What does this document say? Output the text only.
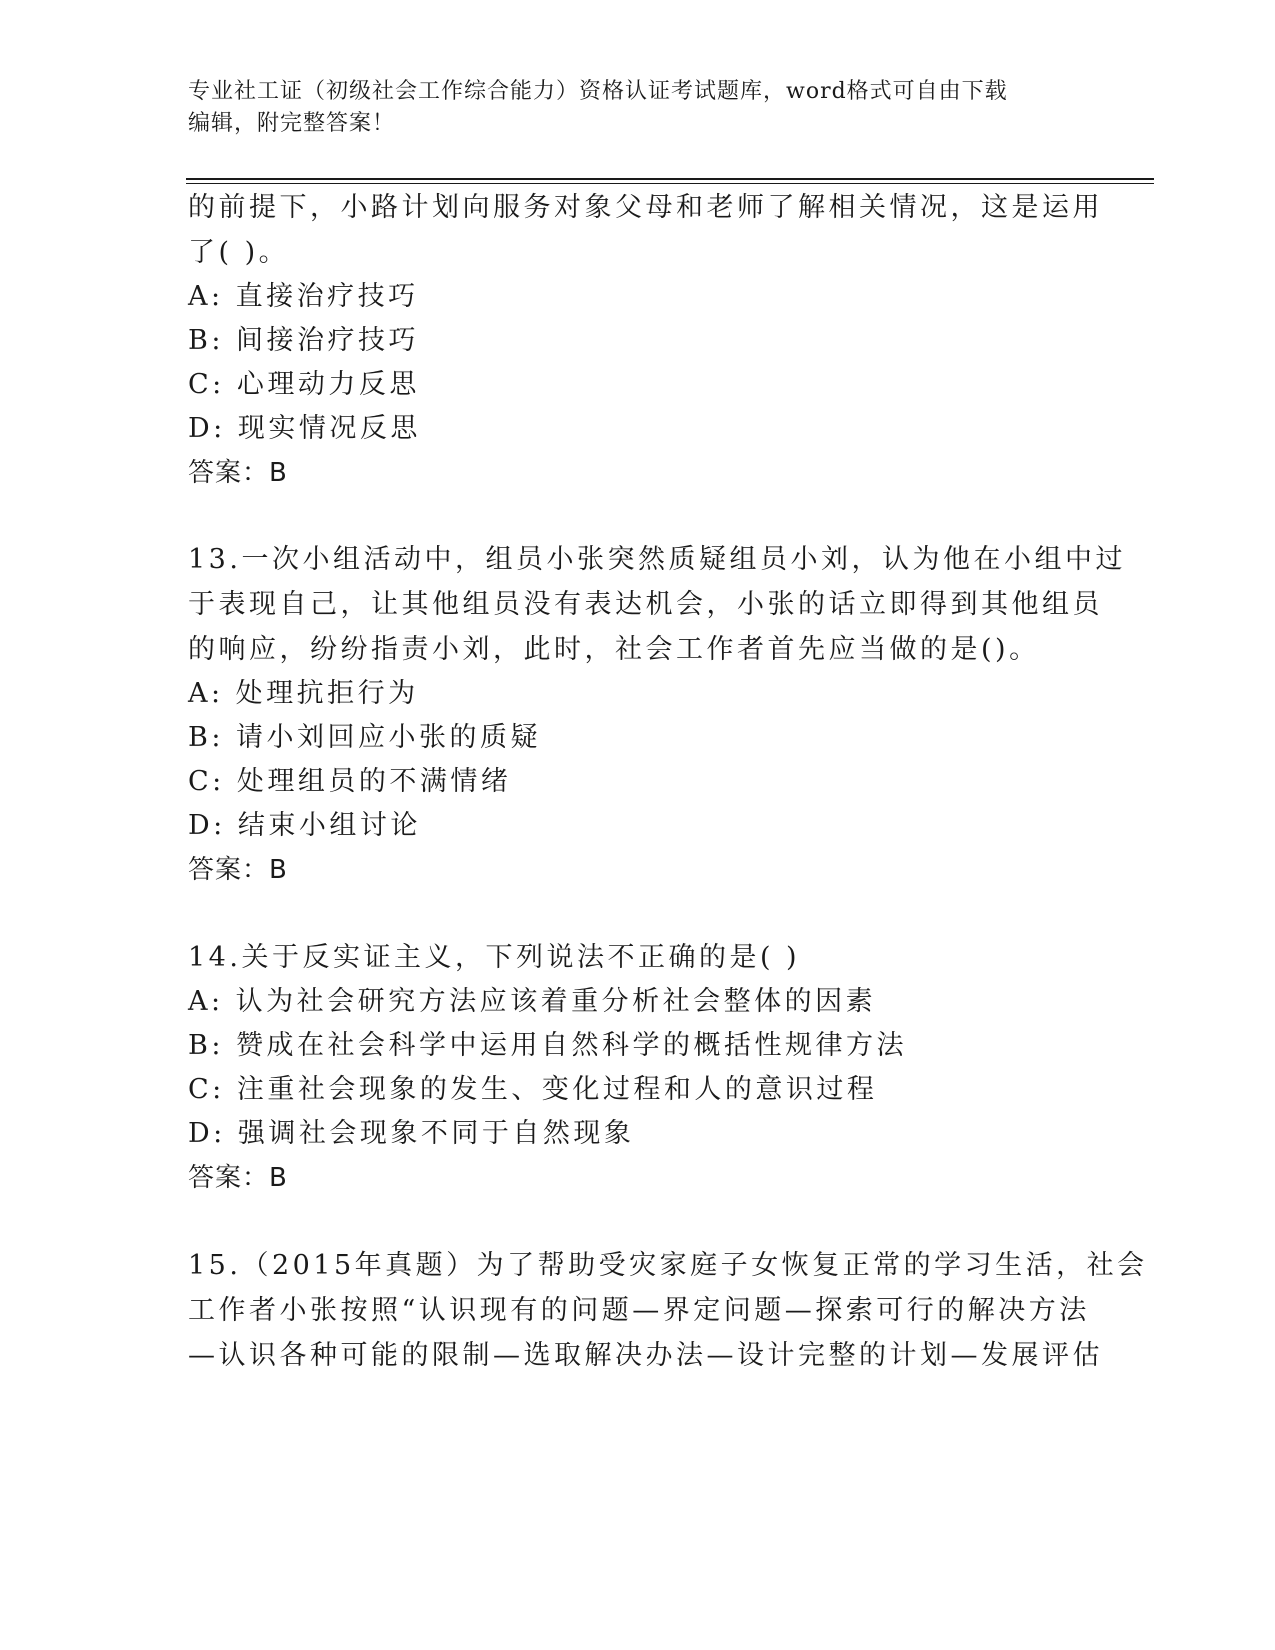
专业社工证（初级社会工作综合能力）资格认证考试题库，word格式可自由下载
编辑，附完整答案！
的前提下，小路计划向服务对象父母和老师了解相关情况，这是运用
了( )。
A: 直接治疗技巧
B: 间接治疗技巧
C: 心理动力反思
D: 现实情况反思
答案：B
13.一次小组活动中，组员小张突然质疑组员小刘，认为他在小组中过
于表现自己，让其他组员没有表达机会，小张的话立即得到其他组员
的响应，纷纷指责小刘，此时，社会工作者首先应当做的是()。
A: 处理抗拒行为
B: 请小刘回应小张的质疑
C: 处理组员的不满情绪
D: 结束小组讨论
答案：B
14.关于反实证主义，下列说法不正确的是( )
A: 认为社会研究方法应该着重分析社会整体的因素
B: 赞成在社会科学中运用自然科学的概括性规律方法
C: 注重社会现象的发生、变化过程和人的意识过程
D: 强调社会现象不同于自然现象
答案：B
15.（2015年真题）为了帮助受灾家庭子女恢复正常的学习生活，社会
工作者小张按照“认识现有的问题—界定问题—探索可行的解决方法
—认识各种可能的限制—选取解决办法—设计完整的计划—发展评估
